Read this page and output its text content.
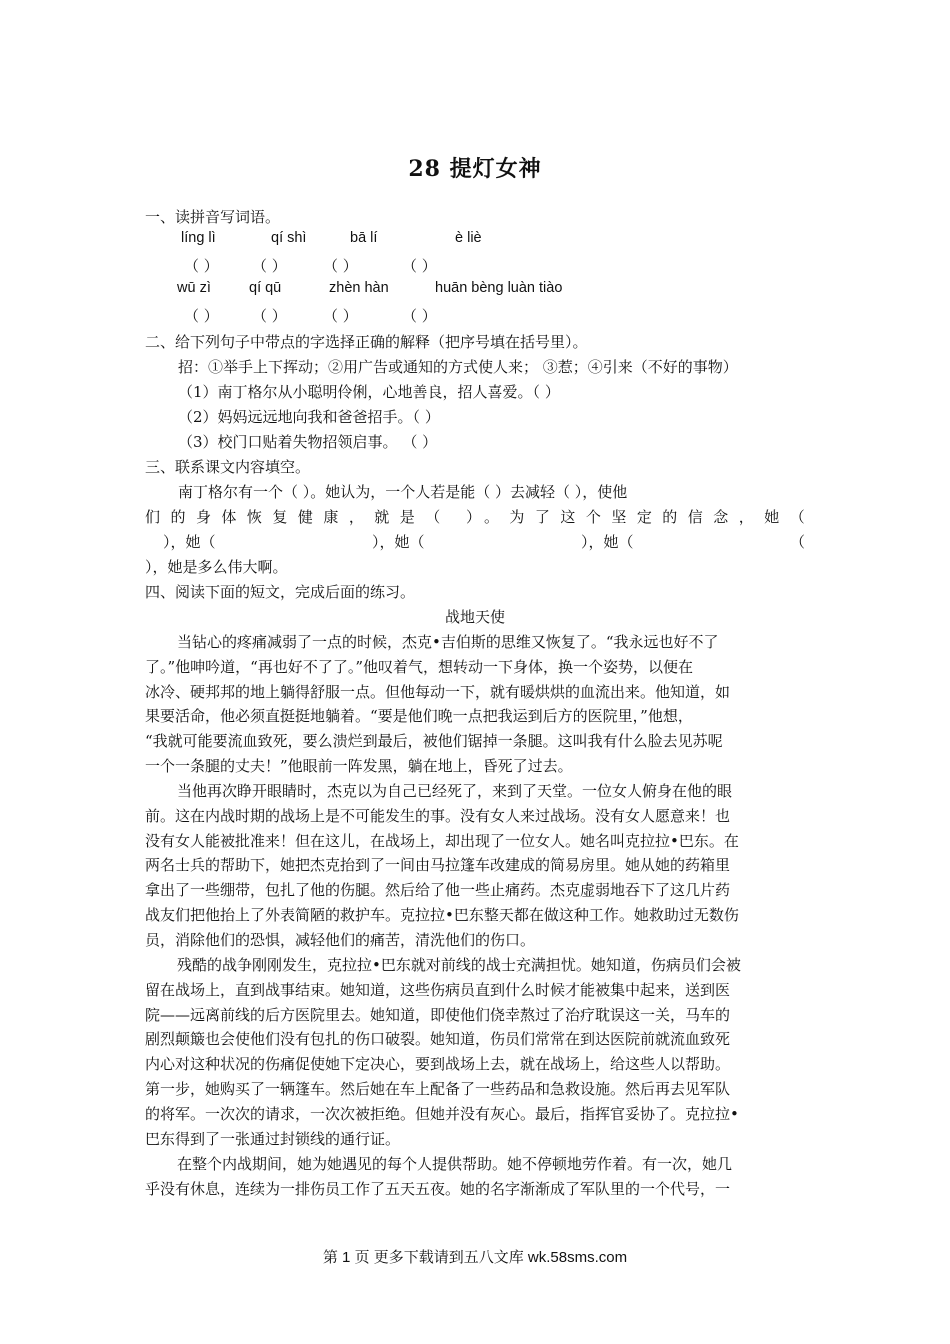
28 提灯女神
一、读拼音写词语。
líng lì	qí shì	bā lí	è liè
（ ） （ ） （ ）	（ ）
wū zì	qí qū	zhèn hàn	huān bèng luàn tiào
（ ） （ ） （ ）	（ ）
二、给下列句子中带点的字选择正确的解释（把序号填在括号里）。
招：①举手上下挥动；②用广告或通知的方式使人来； ③惹；④引来（不好的事物）
（1）南丁格尔从小聪明伶俐，心地善良，招人喜爱。（ ）
（2）妈妈远远地向我和爸爸招手。（ ）
（3）校门口贴着失物招领启事。 （ ）
三、联系课文内容填空。
南丁格尔有一个（ ）。她认为，一个人若是能（ ）去减轻（ ），使他
们的身体恢复健康，就是（ ）。为了这个坚定的信念，她（
），她（	），她（	），她（	（
），她是多么伟大啊。
四、阅读下面的短文，完成后面的练习。
战地天使
当钻心的疼痛减弱了一点的时候，杰克•吉伯斯的思维又恢复了。“我永远也好不了
了。”他呻吟道，“再也好不了了。”他叹着气，想转动一下身体，换一个姿势，以便在
冰冷、硬邦邦的地上躺得舒服一点。但他每动一下，就有暖烘烘的血流出来。他知道，如
果要活命，他必须直挺挺地躺着。“要是他们晚一点把我运到后方的医院里，”他想，
“我就可能要流血致死，要么溃烂到最后，被他们锯掉一条腿。这叫我有什么脸去见苏呢
一个一条腿的丈夫！”他眼前一阵发黑，躺在地上，昏死了过去。
当他再次睁开眼睛时，杰克以为自己已经死了，来到了天堂。一位女人俯身在他的眼
前。这在内战时期的战场上是不可能发生的事。没有女人来过战场。没有女人愿意来！也
没有女人能被批准来！但在这儿，在战场上，却出现了一位女人。她名叫克拉拉•巴东。在
两名士兵的帮助下，她把杰克抬到了一间由马拉篷车改建成的简易房里。她从她的药箱里
拿出了一些绷带，包扎了他的伤腿。然后给了他一些止痛药。杰克虚弱地吞下了这几片药
战友们把他抬上了外表简陋的救护车。克拉拉•巴东整天都在做这种工作。她救助过无数伤
员，消除他们的恐惧，减轻他们的痛苦，清洗他们的伤口。
残酷的战争刚刚发生，克拉拉•巴东就对前线的战士充满担忧。她知道，伤病员们会被
留在战场上，直到战事结束。她知道，这些伤病员直到什么时候才能被集中起来，送到医
院——远离前线的后方医院里去。她知道，即使他们侥幸熬过了治疗耽误这一关，马车的
剧烈颠簸也会使他们没有包扎的伤口破裂。她知道，伤员们常常在到达医院前就流血致死
内心对这种状况的伤痛促使她下定决心，要到战场上去，就在战场上，给这些人以帮助。
第一步，她购买了一辆篷车。然后她在车上配备了一些药品和急救设施。然后再去见军队
的将军。一次次的请求，一次次被拒绝。但她并没有灰心。最后，指挥官妥协了。克拉拉•
巴东得到了一张通过封锁线的通行证。
在整个内战期间，她为她遇见的每个人提供帮助。她不停顿地劳作着。有一次，她几
乎没有休息，连续为一排伤员工作了五天五夜。她的名字渐渐成了军队里的一个代号，一
第 1 页 更多下载请到五八文库 wk.58sms.com
